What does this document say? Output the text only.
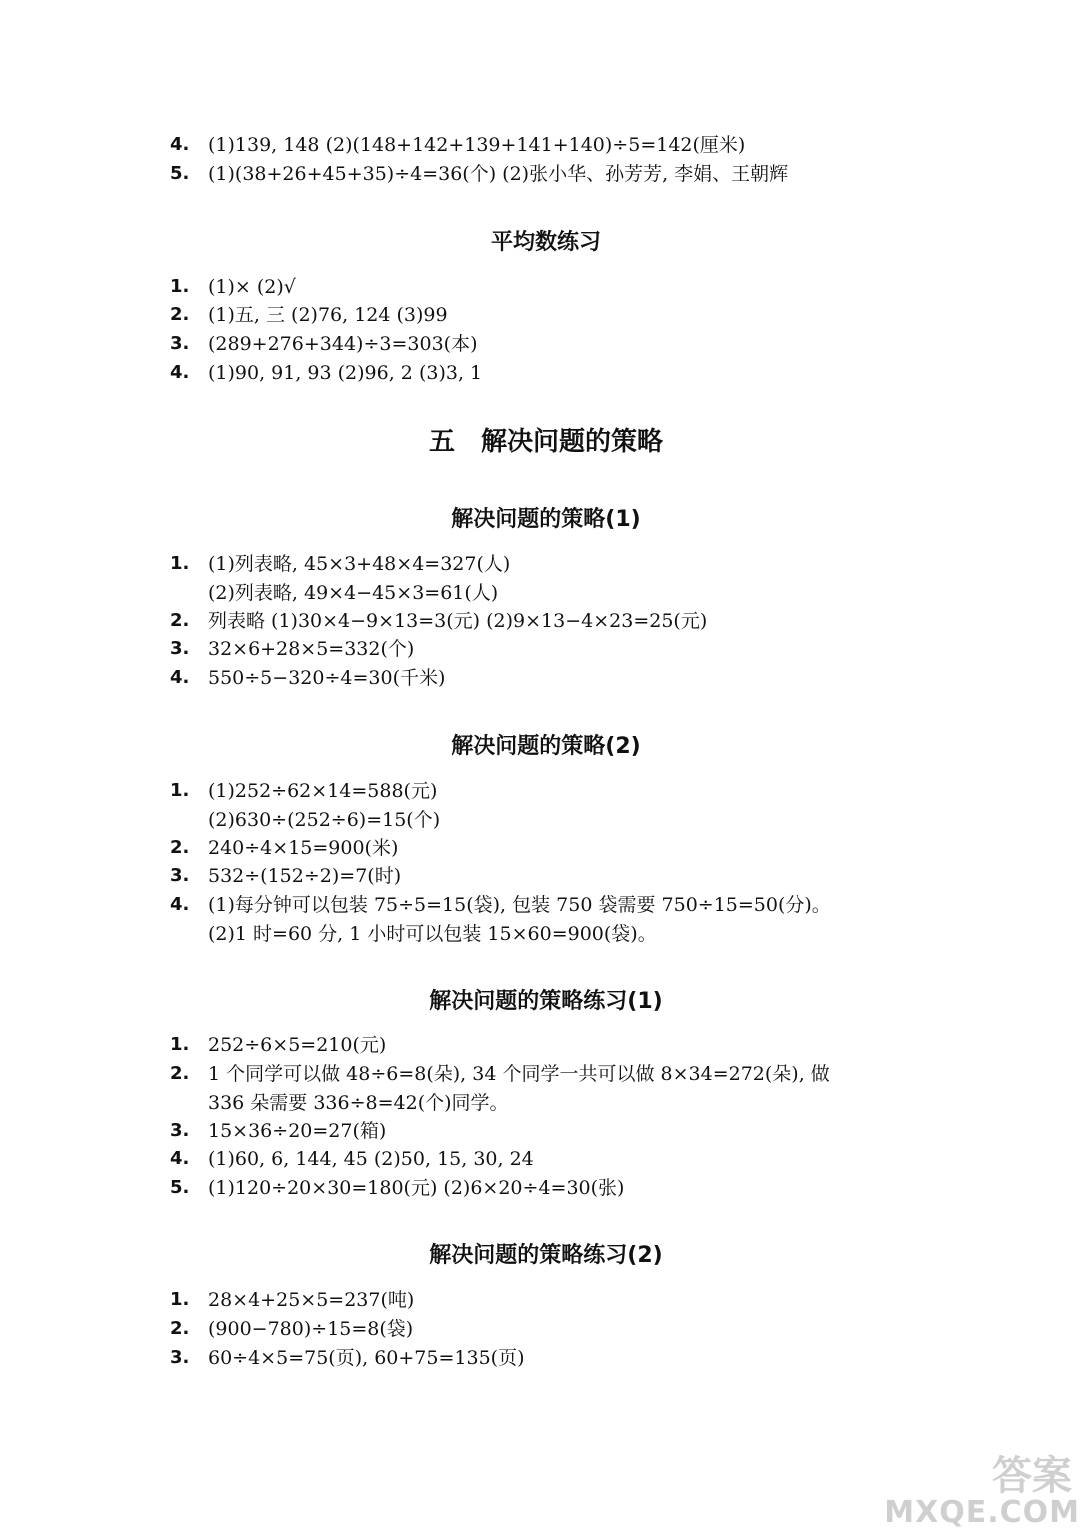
4. (1)139, 148 (2)(148+142+139+141+140)÷5=142(厘米)
5. (1)(38+26+45+35)÷4=36(个) (2)张小华、孙芳芳, 李娟、王朝辉
平均数练习
1. (1)× (2)√
2. (1)五, 三 (2)76, 124 (3)99
3. (289+276+344)÷3=303(本)
4. (1)90, 91, 93 (2)96, 2 (3)3, 1
五　解决问题的策略
解决问题的策略(1)
1. (1)列表略, 45×3+48×4=327(人)
(2)列表略, 49×4−45×3=61(人)
2. 列表略 (1)30×4−9×13=3(元) (2)9×13−4×23=25(元)
3. 32×6+28×5=332(个)
4. 550÷5−320÷4=30(千米)
解决问题的策略(2)
1. (1)252÷62×14=588(元)
(2)630÷(252÷6)=15(个)
2. 240÷4×15=900(米)
3. 532÷(152÷2)=7(时)
4. (1)每分钟可以包装 75÷5=15(袋), 包装 750 袋需要 750÷15=50(分)。
(2)1 时=60 分, 1 小时可以包装 15×60=900(袋)。
解决问题的策略练习(1)
1. 252÷6×5=210(元)
2. 1 个同学可以做 48÷6=8(朵), 34 个同学一共可以做 8×34=272(朵), 做
336 朵需要 336÷8=42(个)同学。
3. 15×36÷20=27(箱)
4. (1)60, 6, 144, 45 (2)50, 15, 30, 24
5. (1)120÷20×30=180(元) (2)6×20÷4=30(张)
解决问题的策略练习(2)
1. 28×4+25×5=237(吨)
2. (900−780)÷15=8(袋)
3. 60÷4×5=75(页), 60+75=135(页)
答案
MXQE.COM
